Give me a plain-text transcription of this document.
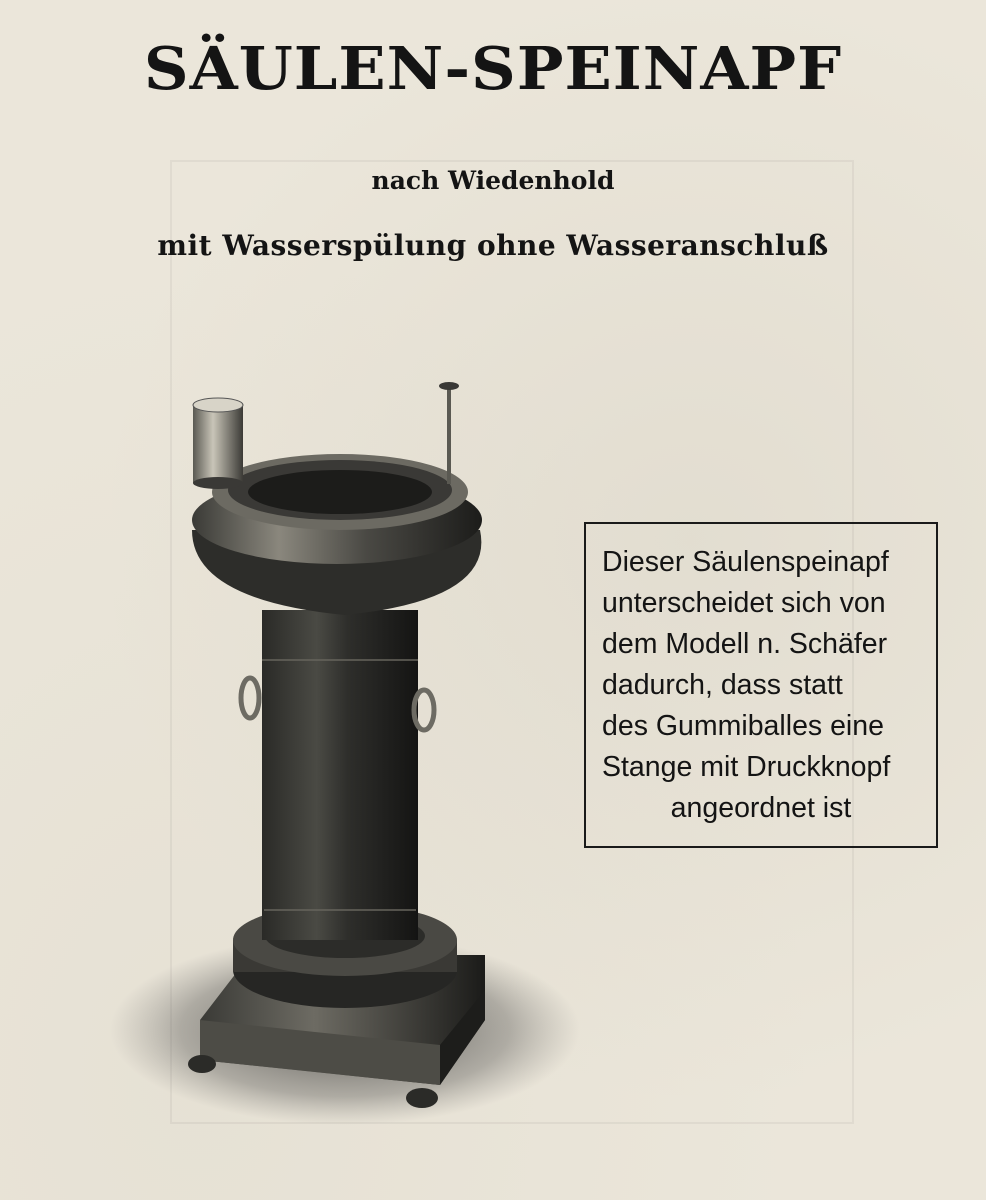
SÄULEN-SPEINAPF

nach Wiedenhold

mit Wasserspülung ohne Wasseranschluß

Dieser Säulenspeinapf
unterscheidet sich von
dem Modell n. Schäfer
dadurch, dass statt
des Gummiballes eine
Stange mit Druckknopf
angeordnet ist
